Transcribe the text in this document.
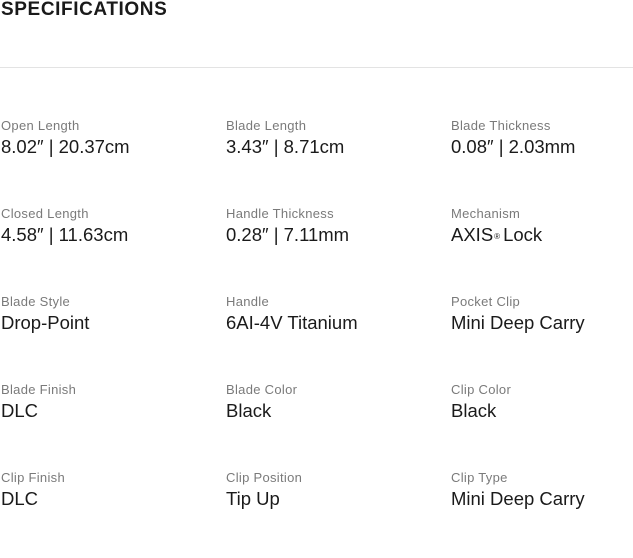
SPECIFICATIONS
Open Length
8.02″ | 20.37cm
Blade Length
3.43″ | 8.71cm
Blade Thickness
0.08″ | 2.03mm
Closed Length
4.58″ | 11.63cm
Handle Thickness
0.28″ | 7.11mm
Mechanism
AXIS® Lock
Blade Style
Drop-Point
Handle
6AI-4V Titanium
Pocket Clip
Mini Deep Carry
Blade Finish
DLC
Blade Color
Black
Clip Color
Black
Clip Finish
DLC
Clip Position
Tip Up
Clip Type
Mini Deep Carry
